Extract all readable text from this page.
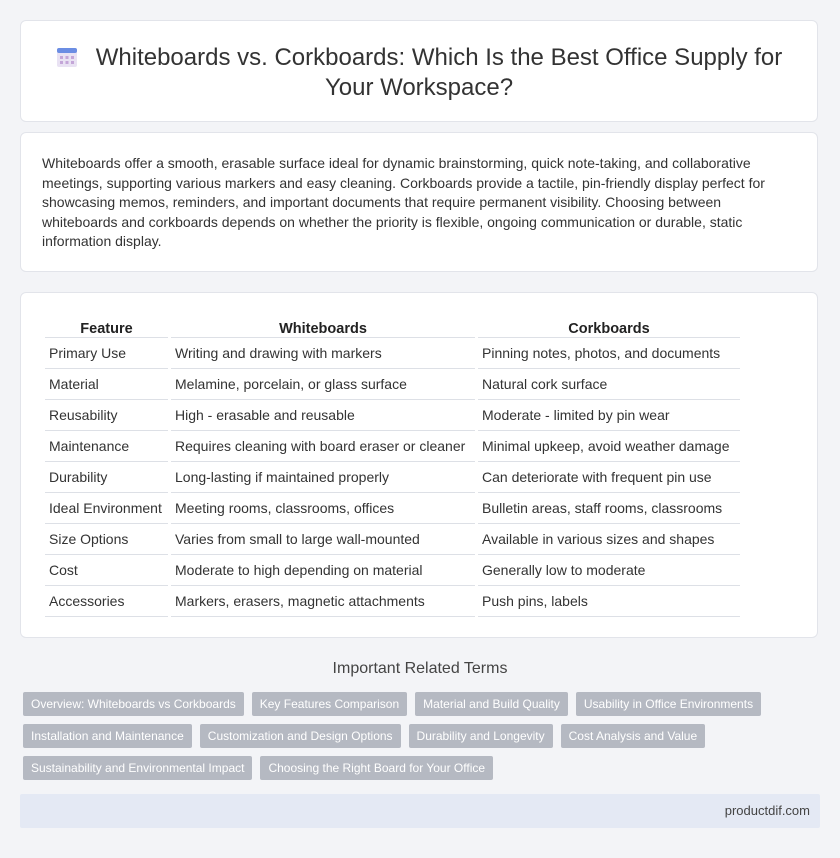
Whiteboards vs. Corkboards: Which Is the Best Office Supply for Your Workspace?

Whiteboards offer a smooth, erasable surface ideal for dynamic brainstorming, quick note-taking, and collaborative meetings, supporting various markers and easy cleaning. Corkboards provide a tactile, pin-friendly display perfect for showcasing memos, reminders, and important documents that require permanent visibility. Choosing between whiteboards and corkboards depends on whether the priority is flexible, ongoing communication or durable, static information display.

Feature	Whiteboards	Corkboards
Primary Use	Writing and drawing with markers	Pinning notes, photos, and documents
Material	Melamine, porcelain, or glass surface	Natural cork surface
Reusability	High - erasable and reusable	Moderate - limited by pin wear
Maintenance	Requires cleaning with board eraser or cleaner	Minimal upkeep, avoid weather damage
Durability	Long-lasting if maintained properly	Can deteriorate with frequent pin use
Ideal Environment	Meeting rooms, classrooms, offices	Bulletin areas, staff rooms, classrooms
Size Options	Varies from small to large wall-mounted	Available in various sizes and shapes
Cost	Moderate to high depending on material	Generally low to moderate
Accessories	Markers, erasers, magnetic attachments	Push pins, labels
Important Related Terms
Overview: Whiteboards vs Corkboards	Key Features Comparison	Material and Build Quality	Usability in Office Environments
Installation and Maintenance	Customization and Design Options	Durability and Longevity	Cost Analysis and Value
Sustainability and Environmental Impact	Choosing the Right Board for Your Office
productdif.com
